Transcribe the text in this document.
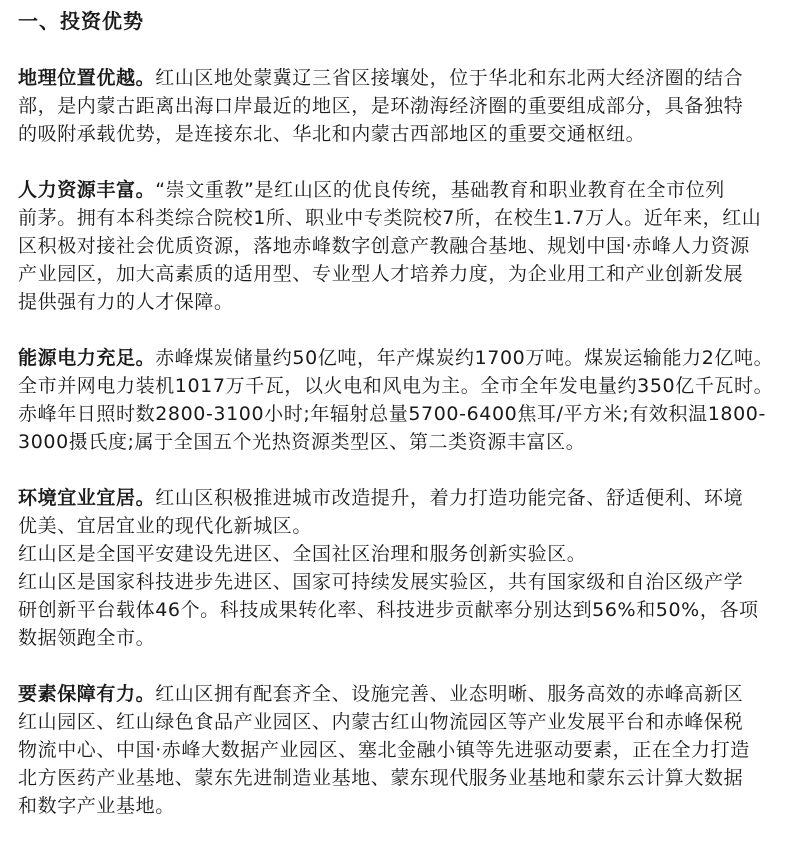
一、投资优势

地理位置优越。红山区地处蒙冀辽三省区接壤处，位于华北和东北两大经济圈的结合
部，是内蒙古距离出海口岸最近的地区，是环渤海经济圈的重要组成部分，具备独特
的吸附承载优势，是连接东北、华北和内蒙古西部地区的重要交通枢纽。

人力资源丰富。“崇文重教”是红山区的优良传统，基础教育和职业教育在全市位列
前茅。拥有本科类综合院校1所、职业中专类院校7所，在校生1.7万人。近年来，红山
区积极对接社会优质资源，落地赤峰数字创意产教融合基地、规划中国·赤峰人力资源
产业园区，加大高素质的适用型、专业型人才培养力度，为企业用工和产业创新发展
提供强有力的人才保障。

能源电力充足。赤峰煤炭储量约50亿吨，年产煤炭约1700万吨。煤炭运输能力2亿吨。
全市并网电力装机1017万千瓦，以火电和风电为主。全市全年发电量约350亿千瓦时。
赤峰年日照时数2800-3100小时;年辐射总量5700-6400焦耳/平方米;有效积温1800-
3000摄氏度;属于全国五个光热资源类型区、第二类资源丰富区。

环境宜业宜居。红山区积极推进城市改造提升，着力打造功能完备、舒适便利、环境
优美、宜居宜业的现代化新城区。
红山区是全国平安建设先进区、全国社区治理和服务创新实验区。
红山区是国家科技进步先进区、国家可持续发展实验区，共有国家级和自治区级产学
研创新平台载体46个。科技成果转化率、科技进步贡献率分别达到56%和50%，各项
数据领跑全市。

要素保障有力。红山区拥有配套齐全、设施完善、业态明晰、服务高效的赤峰高新区
红山园区、红山绿色食品产业园区、内蒙古红山物流园区等产业发展平台和赤峰保税
物流中心、中国·赤峰大数据产业园区、塞北金融小镇等先进驱动要素，正在全力打造
北方医药产业基地、蒙东先进制造业基地、蒙东现代服务业基地和蒙东云计算大数据
和数字产业基地。
